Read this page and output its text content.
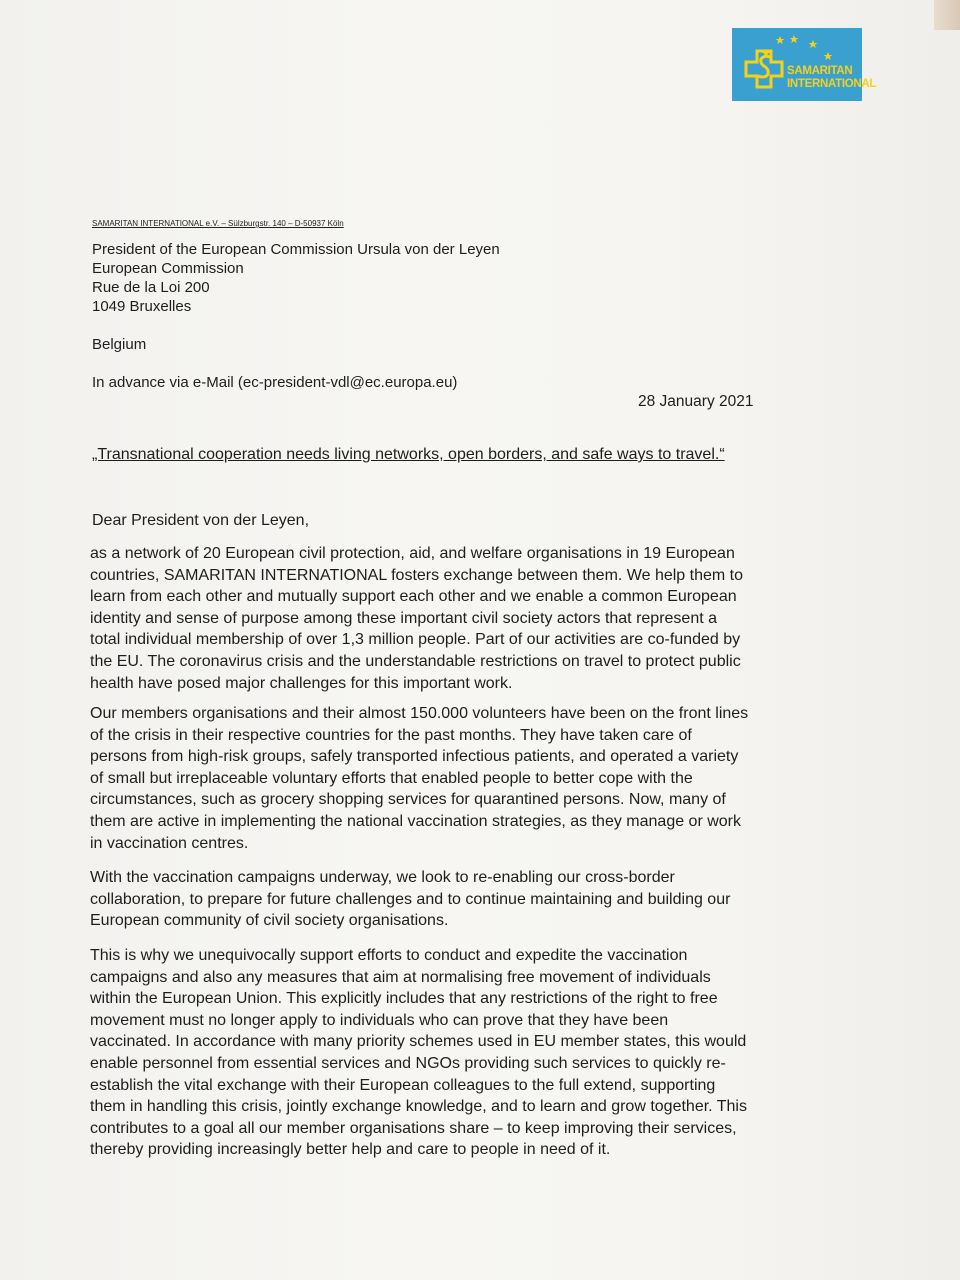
SAMARITAN
INTERNATIONAL
SAMARITAN INTERNATIONAL e.V. – Sülzburgstr. 140 – D-50937 Köln
President of the European Commission Ursula von der Leyen
European Commission
Rue de la Loi 200
1049 Bruxelles
Belgium
In advance via e-Mail (ec-president-vdl@ec.europa.eu)
28 January 2021
„Transnational cooperation needs living networks, open borders, and safe ways to travel.“
Dear President von der Leyen,
as a network of 20 European civil protection, aid, and welfare organisations in 19 European
countries, SAMARITAN INTERNATIONAL fosters exchange between them. We help them to
learn from each other and mutually support each other and we enable a common European
identity and sense of purpose among these important civil society actors that represent a
total individual membership of over 1,3 million people. Part of our activities are co-funded by
the EU. The coronavirus crisis and the understandable restrictions on travel to protect public
health have posed major challenges for this important work.
Our members organisations and their almost 150.000 volunteers have been on the front lines
of the crisis in their respective countries for the past months. They have taken care of
persons from high-risk groups, safely transported infectious patients, and operated a variety
of small but irreplaceable voluntary efforts that enabled people to better cope with the
circumstances, such as grocery shopping services for quarantined persons. Now, many of
them are active in implementing the national vaccination strategies, as they manage or work
in vaccination centres.
With the vaccination campaigns underway, we look to re-enabling our cross-border
collaboration, to prepare for future challenges and to continue maintaining and building our
European community of civil society organisations.
This is why we unequivocally support efforts to conduct and expedite the vaccination
campaigns and also any measures that aim at normalising free movement of individuals
within the European Union. This explicitly includes that any restrictions of the right to free
movement must no longer apply to individuals who can prove that they have been
vaccinated. In accordance with many priority schemes used in EU member states, this would
enable personnel from essential services and NGOs providing such services to quickly re-
establish the vital exchange with their European colleagues to the full extend, supporting
them in handling this crisis, jointly exchange knowledge, and to learn and grow together. This
contributes to a goal all our member organisations share – to keep improving their services,
thereby providing increasingly better help and care to people in need of it.
